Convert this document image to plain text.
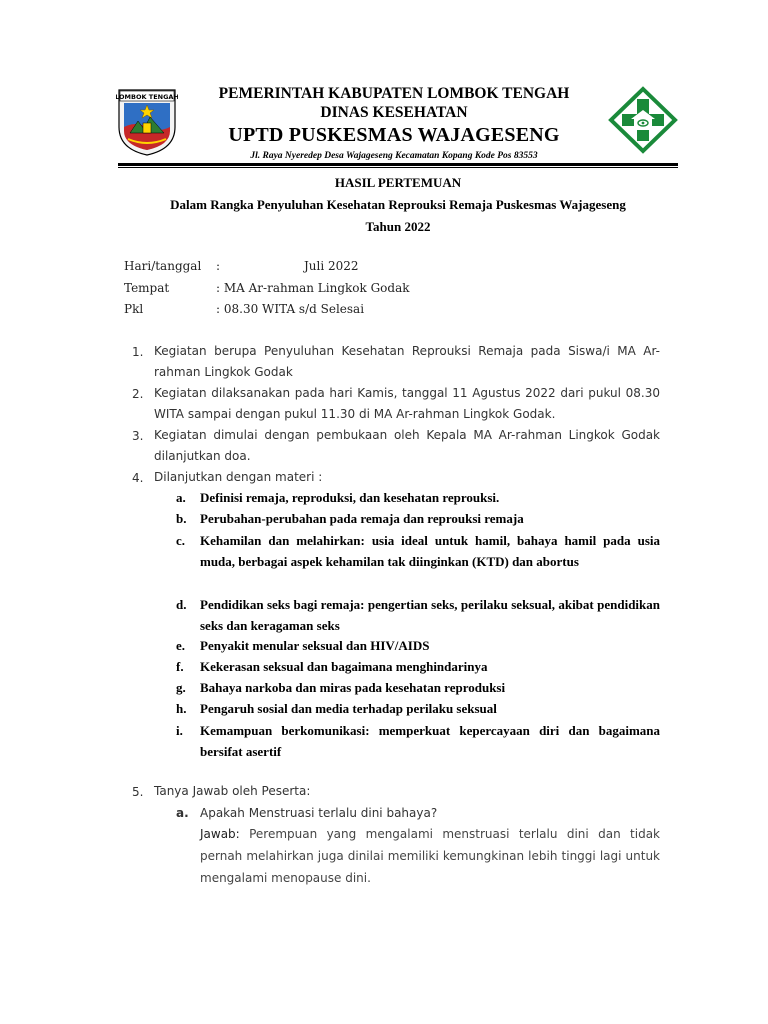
LOMBOK TENGAH	PEMERINTAH KABUPATEN LOMBOK TENGAH
DINAS KESEHATAN
UPTD PUSKESMAS WAJAGESENG
Jl. Raya Nyeredep Desa Wajageseng Kecamatan Kopang Kode Pos 83553
HASIL PERTEMUAN
Dalam Rangka Penyuluhan Kesehatan Reprouksi Remaja Puskesmas Wajageseng
Tahun 2022
Hari/tanggal	:                      Juli 2022
Tempat	: MA Ar-rahman Lingkok Godak
Pkl	: 08.30 WITA s/d Selesai
1. Kegiatan berupa Penyuluhan Kesehatan Reprouksi Remaja pada Siswa/i MA Ar-rahman Lingkok Godak
2. Kegiatan dilaksanakan pada hari Kamis, tanggal 11 Agustus 2022 dari pukul 08.30 WITA sampai dengan pukul 11.30 di MA Ar-rahman Lingkok Godak.
3. Kegiatan dimulai dengan pembukaan oleh Kepala MA Ar-rahman Lingkok Godak dilanjutkan doa.
4. Dilanjutkan dengan materi :
a. Definisi remaja, reproduksi, dan kesehatan reprouksi.
b. Perubahan-perubahan pada remaja dan reprouksi remaja
c. Kehamilan dan melahirkan: usia ideal untuk hamil, bahaya hamil pada usia muda, berbagai aspek kehamilan tak diinginkan (KTD) dan abortus
d. Pendidikan seks bagi remaja: pengertian seks, perilaku seksual, akibat pendidikan seks dan keragaman seks
e. Penyakit menular seksual dan HIV/AIDS
f. Kekerasan seksual dan bagaimana menghindarinya
g. Bahaya narkoba dan miras pada kesehatan reproduksi
h. Pengaruh sosial dan media terhadap perilaku seksual
i. Kemampuan berkomunikasi: memperkuat kepercayaan diri dan bagaimana bersifat asertif
5. Tanya Jawab oleh Peserta:
a. Apakah Menstruasi terlalu dini bahaya?
Jawab: Perempuan yang mengalami menstruasi terlalu dini dan tidak pernah melahirkan juga dinilai memiliki kemungkinan lebih tinggi lagi untuk mengalami menopause dini.
